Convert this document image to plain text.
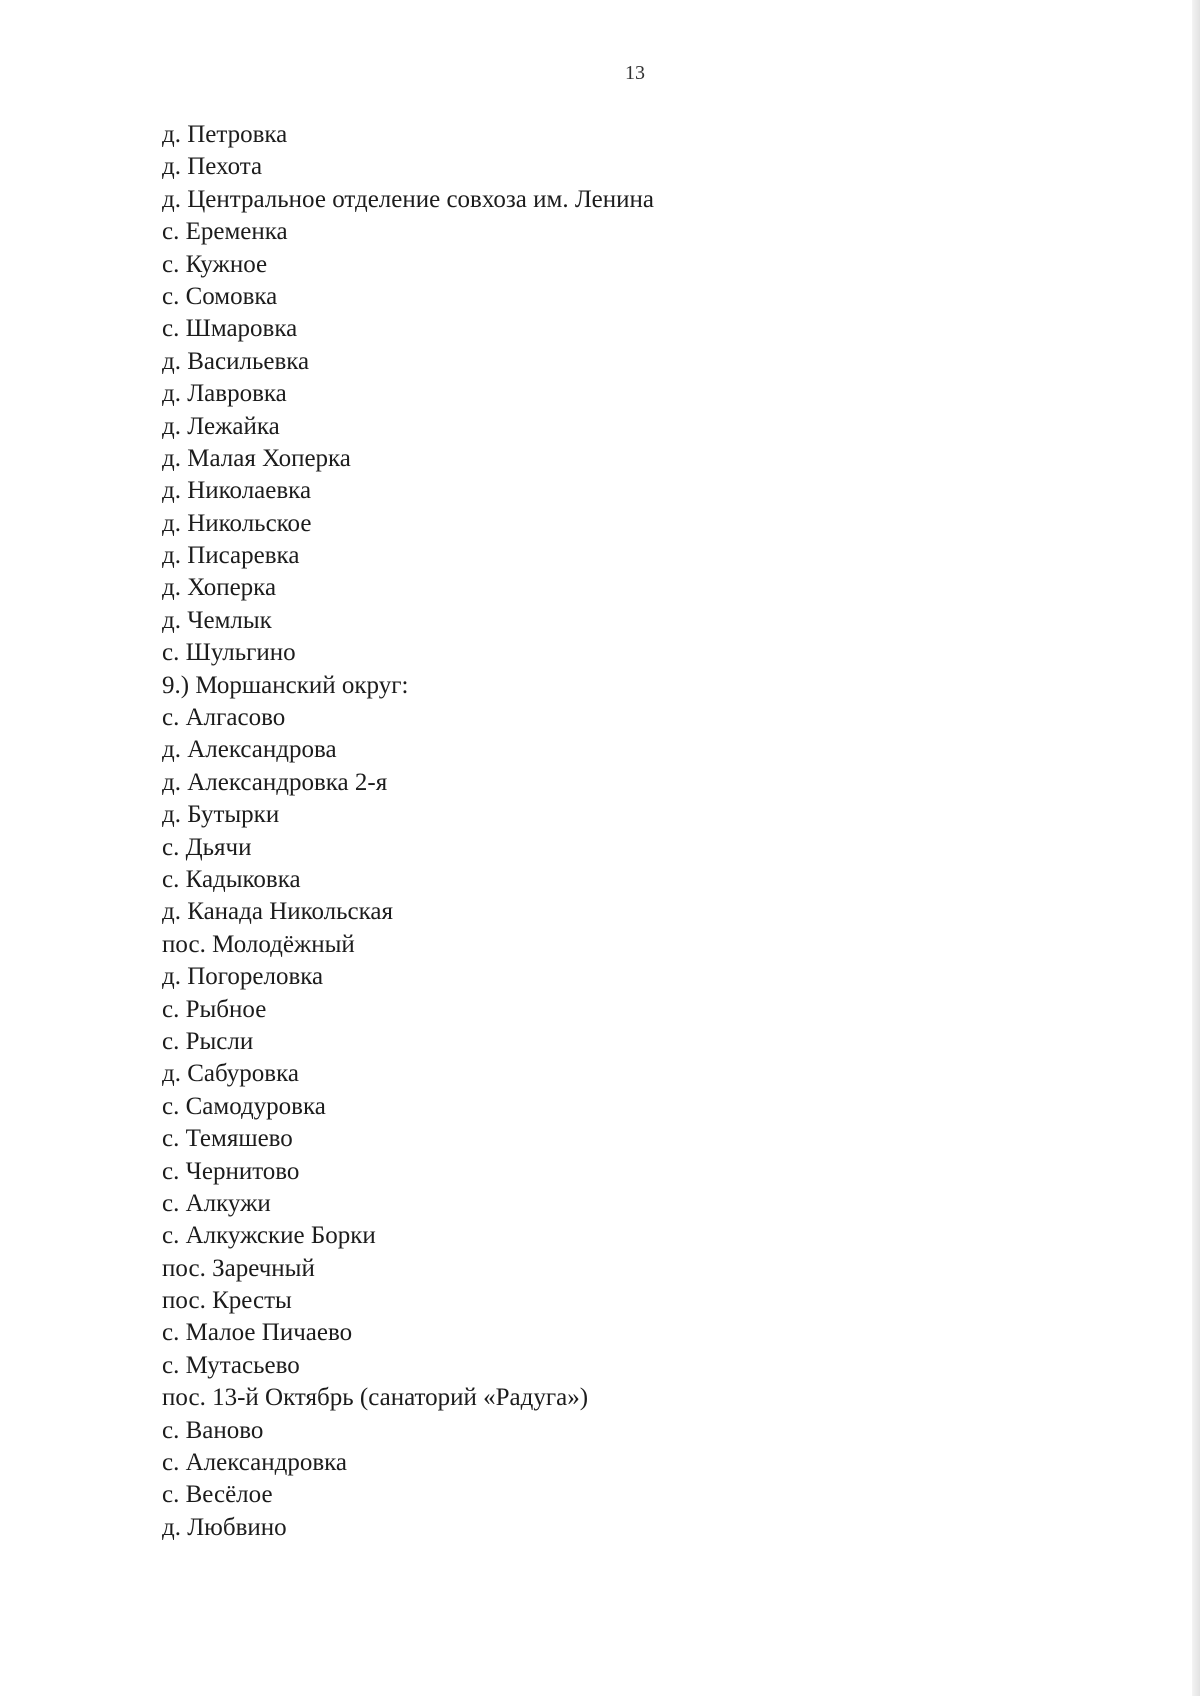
13
д. Петровка
д. Пехота
д. Центральное отделение совхоза им. Ленина
с. Еременка
с. Кужное
с. Сомовка
с. Шмаровка
д. Васильевка
д. Лавровка
д. Лежайка
д. Малая Хоперка
д. Николаевка
д. Никольское
д. Писаревка
д. Хоперка
д. Чемлык
с. Шульгино
9.) Моршанский округ:
с. Алгасово
д. Александрова
д. Александровка 2-я
д. Бутырки
с. Дьячи
с. Кадыковка
д. Канада Никольская
пос. Молодёжный
д. Погореловка
с. Рыбное
с. Рысли
д. Сабуровка
с. Самодуровка
с. Темяшево
с. Чернитово
с. Алкужи
с. Алкужские Борки
пос. Заречный
пос. Кресты
с. Малое Пичаево
с. Мутасьево
пос. 13-й Октябрь (санаторий «Радуга»)
с. Ваново
с. Александровка
с. Весёлое
д. Любвино
